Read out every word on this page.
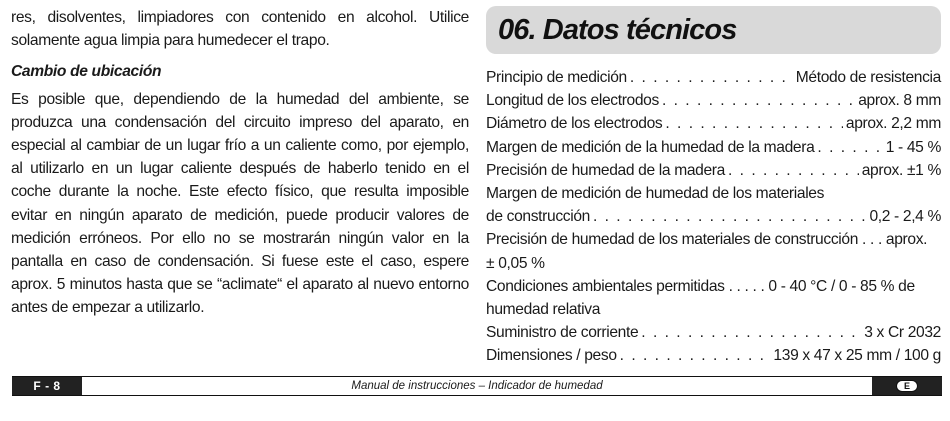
res, disolventes, limpiadores con contenido en alcohol. Utilice solamente agua limpia para humedecer el trapo.

Cambio de ubicación

Es posible que, dependiendo de la humedad del ambiente, se produzca una condensación del circuito impreso del aparato, en especial al cambiar de un lugar frío a un caliente como, por ejemplo, al utilizarlo en un lugar caliente después de haberlo tenido en el coche durante la noche. Este efecto físico, que resulta imposible evitar en ningún aparato de medición, puede producir valores de medición erróneos. Por ello no se mostrarán ningún valor en la pantalla en caso de condensación. Si fuese este el caso, espere aprox. 5 minutos hasta que se “aclimate“ el aparato al nuevo entorno antes de empezar a utilizarlo.

06. Datos técnicos
Principio de medición . . .	Método de resistencia
Longitud de los electrodos . . .	aprox. 8 mm
Diámetro de los electrodos . . .	aprox. 2,2 mm
Margen de medición de la humedad de la madera . . .	1 - 45 %
Precisión de humedad de la madera . . .	aprox. ±1 %
Margen de medición de humedad de los materiales
de construcción . . .	0,2 - 2,4 %
Precisión de humedad de los materiales de construcción . . . aprox.
± 0,05 %
Condiciones ambientales permitidas . . . . . 0 - 40 °C / 0 - 85 % de
humedad relativa
Suministro de corriente . . .	3 x Cr 2032
Dimensiones / peso . . .	139 x 47 x 25 mm / 100 g
F - 8	Manual de instrucciones – Indicador de humedad	E
